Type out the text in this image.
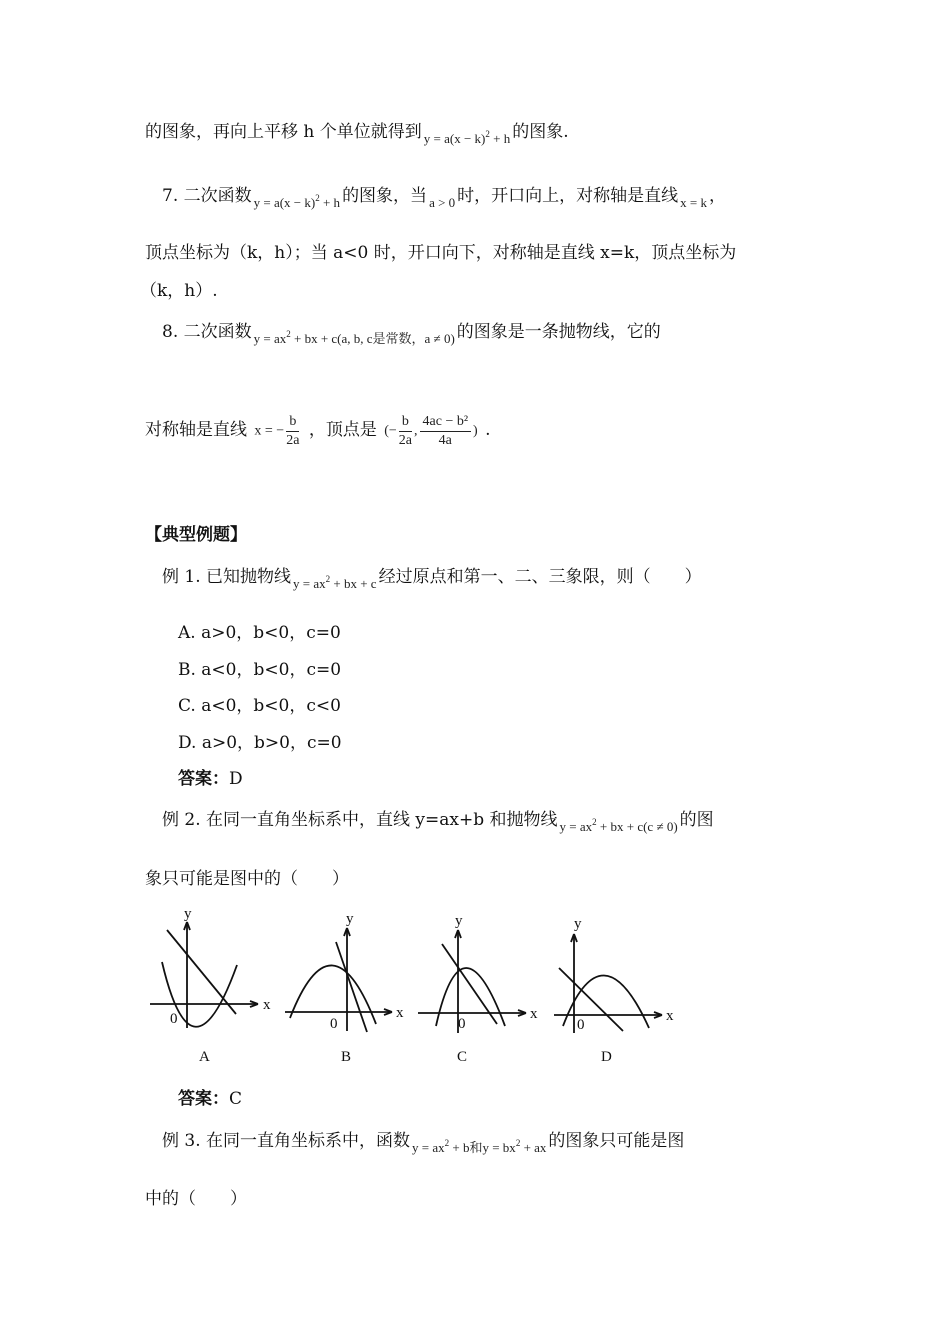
的图象，再向上平移 h 个单位就得到 $y = a(x - k)^2 + h$ 的图象.
7. 二次函数 $y = a(x - k)^2 + h$ 的图象，当 a > 0 时，开口向上，对称轴是直线 x = k ，
顶点坐标为（k，h）；当 a<0 时，开口向下，对称轴是直线 x=k，顶点坐标为
（k，h）.
8. 二次函数 $y = ax^2$ + bx + c(a, b, c是常数，a ≠ 0) 的图象是一条抛物线，它的
对称轴是直线 x = − $\frac{b}{2a}$ ，顶点是 (− $\frac{b}{2a}$ , $\frac{\text{4ac − b²}}{4a}$ ) .
【典型例题】
例 1. 已知抛物线 $y = ax^2$ + bx + c 经过原点和第一、二、三象限，则（　　）
A. a>0，b<0，c=0
B. a<0，b<0，c=0
C. a<0，b<0，c<0
D. a>0，b>0，c=0
答案：D
例 2. 在同一直角坐标系中，直线 y=ax+b 和抛物线 $y = ax^2$ + bx + c(c ≠ 0) 的图
象只可能是图中的（　　）
y
x
0
A
y
x
0
B
y
x
0
C
y
x
0
D
答案：C
例 3. 在同一直角坐标系中，函数 $y = ax^2 + b$和$y = bx^2$ + ax 的图象只可能是图
中的（　　）
